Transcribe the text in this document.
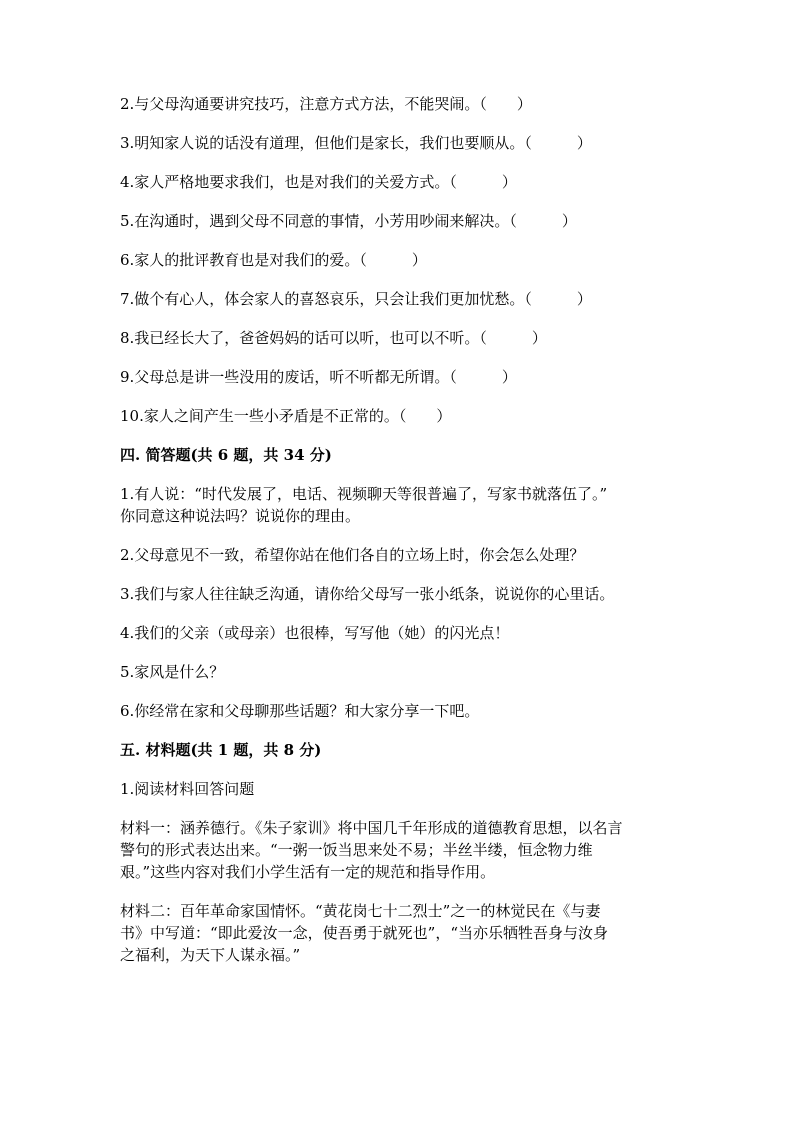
2.与父母沟通要讲究技巧，注意方式方法，不能哭闹。（　　）
3.明知家人说的话没有道理，但他们是家长，我们也要顺从。（　　　）
4.家人严格地要求我们，也是对我们的关爱方式。（　　　）
5.在沟通时，遇到父母不同意的事情，小芳用吵闹来解决。（　　　）
6.家人的批评教育也是对我们的爱。（　　　）
7.做个有心人，体会家人的喜怒哀乐，只会让我们更加忧愁。（　　　）
8.我已经长大了，爸爸妈妈的话可以听，也可以不听。（　　　）
9.父母总是讲一些没用的废话，听不听都无所谓。（　　　）
10.家人之间产生一些小矛盾是不正常的。（　　）
四. 简答题(共 6 题，共 34 分)
1.有人说：“时代发展了，电话、视频聊天等很普遍了，写家书就落伍了。”
你同意这种说法吗？说说你的理由。
2.父母意见不一致，希望你站在他们各自的立场上时，你会怎么处理？
3.我们与家人往往缺乏沟通，请你给父母写一张小纸条，说说你的心里话。
4.我们的父亲（或母亲）也很棒，写写他（她）的闪光点！
5.家风是什么？
6.你经常在家和父母聊那些话题？和大家分享一下吧。
五. 材料题(共 1 题，共 8 分)
1.阅读材料回答问题
材料一：涵养德行。《朱子家训》将中国几千年形成的道德教育思想，以名言
警句的形式表达出来。“一粥一饭当思来处不易；半丝半缕，恒念物力维
艰。”这些内容对我们小学生活有一定的规范和指导作用。
材料二：百年革命家国情怀。“黄花岗七十二烈士”之一的林觉民在《与妻
书》中写道：“即此爱汝一念，使吾勇于就死也”，“当亦乐牺牲吾身与汝身
之福利，为天下人谋永福。”
